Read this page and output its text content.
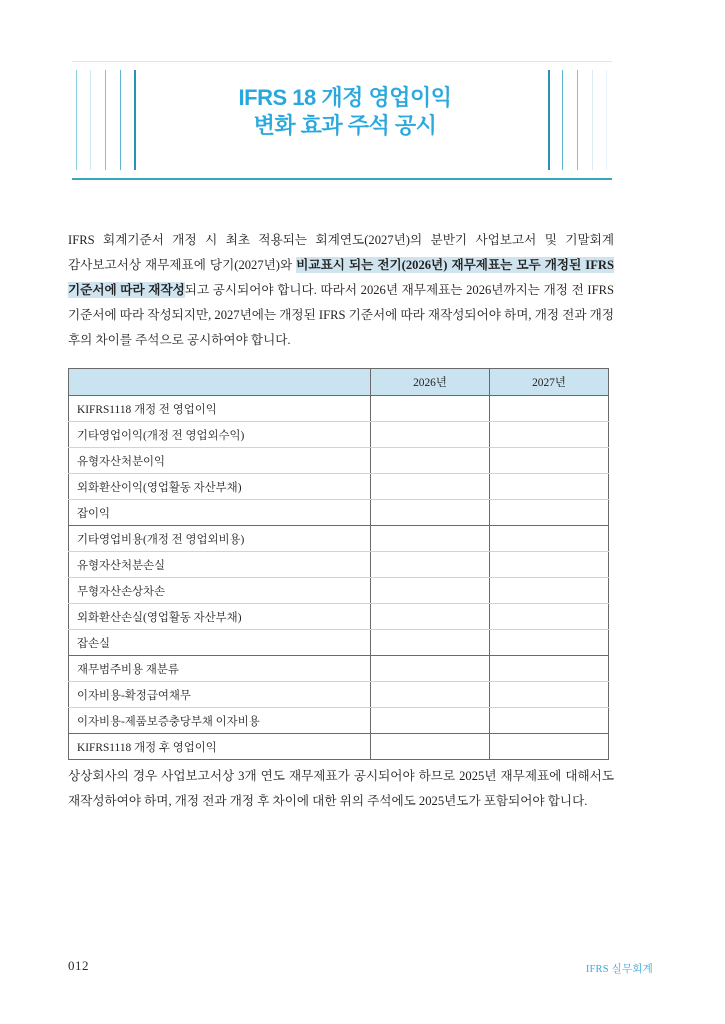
IFRS 18 개정 영업이익
변화 효과 주석 공시

IFRS 회계기준서 개정 시 최초 적용되는 회계연도(2027년)의 분반기 사업보고서 및 기말회계 감사보고서상 재무제표에 당기(2027년)와 비교표시 되는 전기(2026년) 재무제표는 모두 개정된 IFRS 기준서에 따라 재작성되고 공시되어야 합니다. 따라서 2026년 재무제표는 2026년까지는 개정 전 IFRS 기준서에 따라 작성되지만, 2027년에는 개정된 IFRS 기준서에 따라 재작성되어야 하며, 개정 전과 개정 후의 차이를 주석으로 공시하여야 합니다.

	2026년	2027년
KIFRS1118 개정 전 영업이익		
기타영업이익(개정 전 영업외수익)		
유형자산처분이익		
외화환산이익(영업활동 자산부채)		
잡이익		
기타영업비용(개정 전 영업외비용)		
유형자산처분손실		
무형자산손상차손		
외화환산손실(영업활동 자산부채)		
잡손실		
재무범주비용 재분류		
이자비용-확정급여채무		
이자비용-제품보증충당부채 이자비용		
KIFRS1118 개정 후 영업이익		

상상회사의 경우 사업보고서상 3개 연도 재무제표가 공시되어야 하므로 2025년 재무제표에 대해서도 재작성하여야 하며, 개정 전과 개정 후 차이에 대한 위의 주석에도 2025년도가 포함되어야 합니다.

012	IFRS 실무회계
